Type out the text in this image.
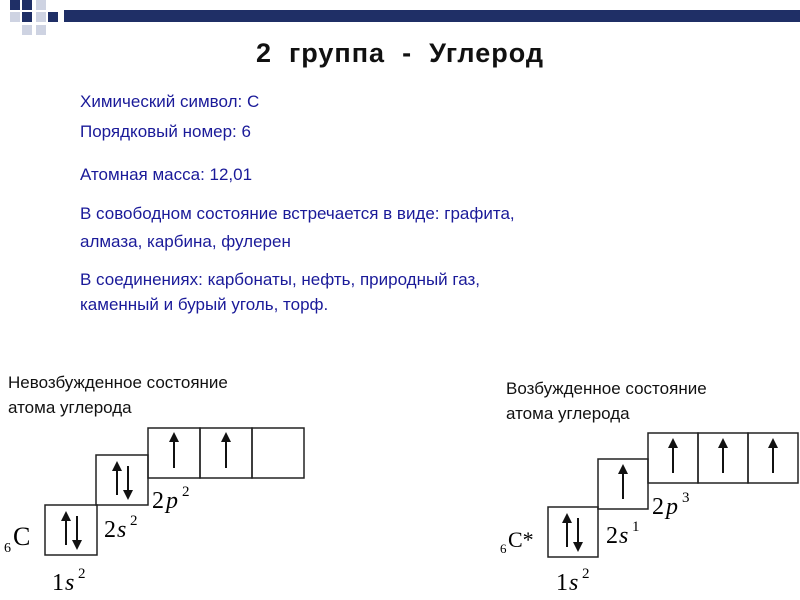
2  группа  -  Углерод
Химический символ: С
Порядковый номер: 6
Атомная масса: 12,01
В совободном состояние встречается в виде: графита,
алмаза, карбина, фулерен
В соединениях: карбонаты, нефть, природный газ,
каменный и бурый уголь, торф.
Невозбужденное состояние
атома углерода
Возбужденное состояние
атома углерода
6 C
1 s 2
2 s 2
2 p 2
6 C*
1 s 2
2 s 1
2 p 3
